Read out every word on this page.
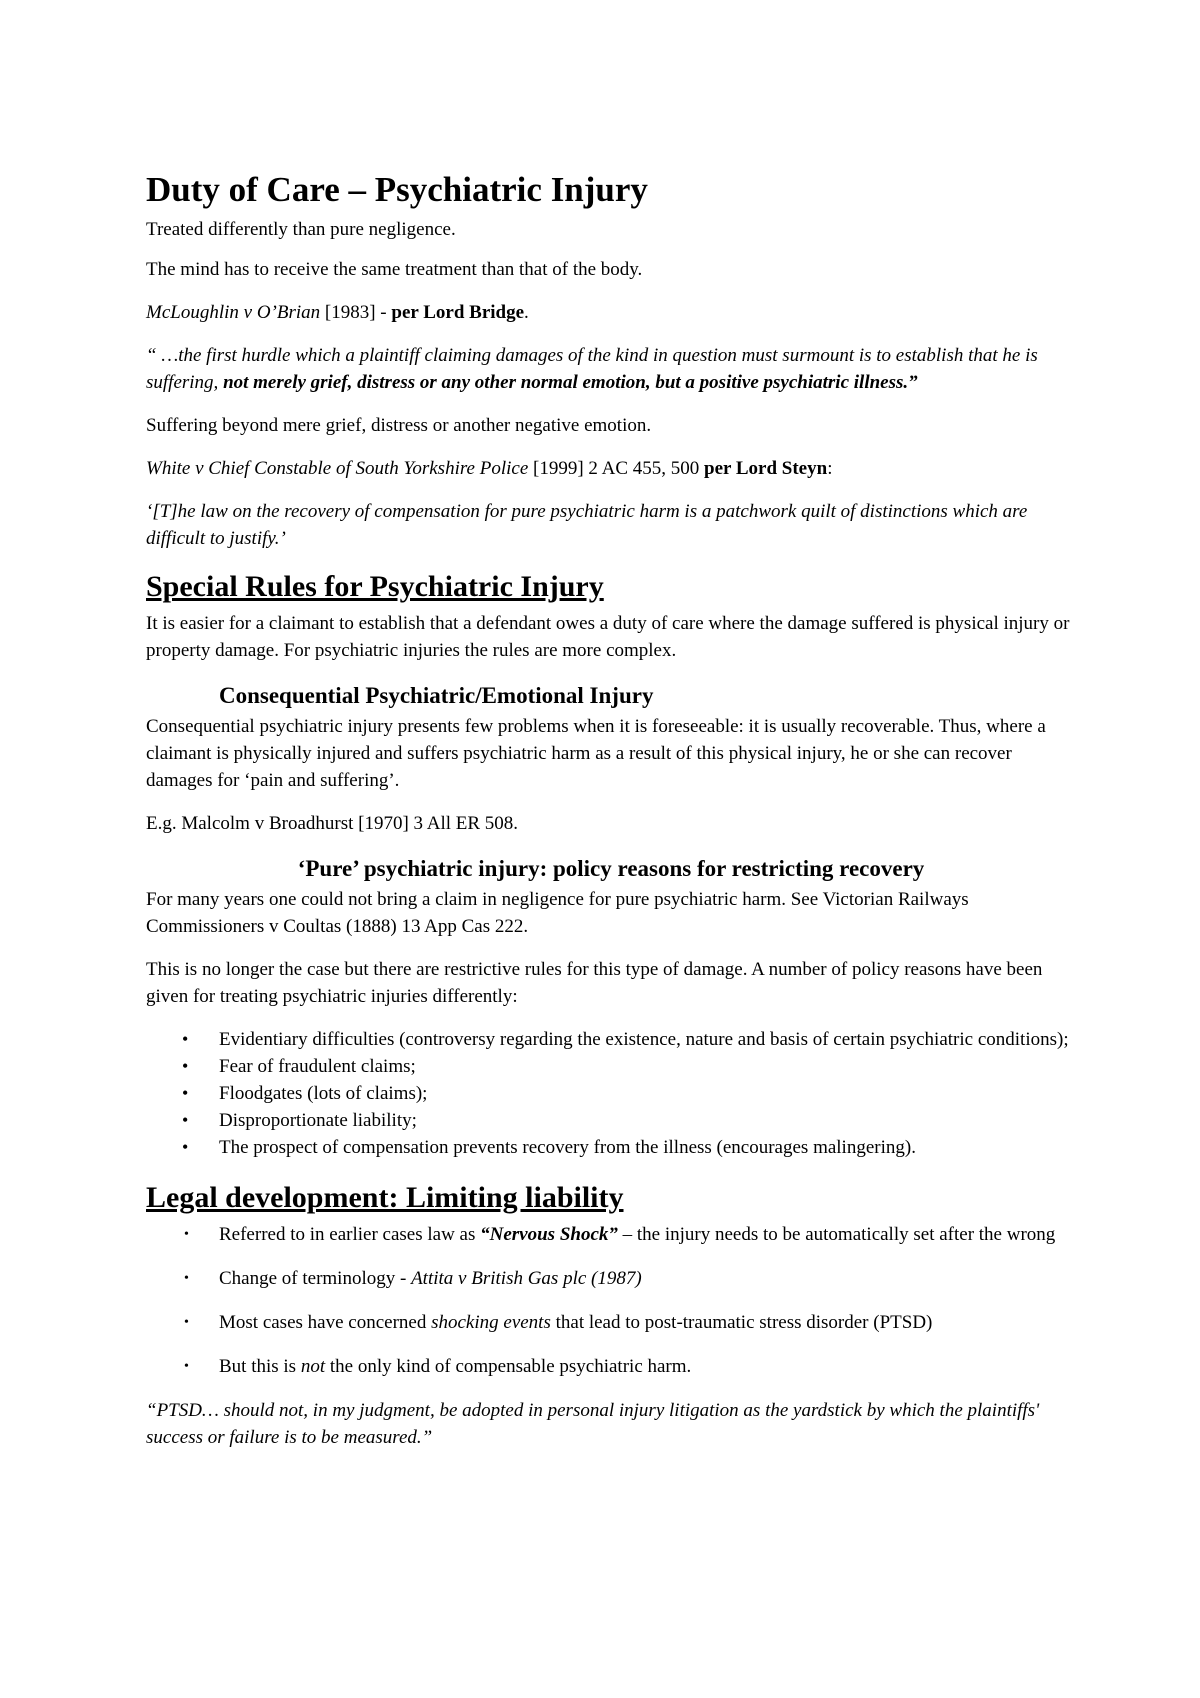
Duty of Care – Psychiatric Injury

Treated differently than pure negligence.

The mind has to receive the same treatment than that of the body.

McLoughlin v O’Brian [1983] - per Lord Bridge.

“ …the first hurdle which a plaintiff claiming damages of the kind in question must surmount is to establish that he is suffering, not merely grief, distress or any other normal emotion, but a positive psychiatric illness.”

Suffering beyond mere grief, distress or another negative emotion.

White v Chief Constable of South Yorkshire Police [1999] 2 AC 455, 500 per Lord Steyn:

‘[T]he law on the recovery of compensation for pure psychiatric harm is a patchwork quilt of distinctions which are difficult to justify.’

Special Rules for Psychiatric Injury

It is easier for a claimant to establish that a defendant owes a duty of care where the damage suffered is physical injury or property damage. For psychiatric injuries the rules are more complex.

Consequential Psychiatric/Emotional Injury

Consequential psychiatric injury presents few problems when it is foreseeable: it is usually recoverable. Thus, where a claimant is physically injured and suffers psychiatric harm as a result of this physical injury, he or she can recover damages for ‘pain and suffering’.

E.g. Malcolm v Broadhurst [1970] 3 All ER 508.

‘Pure’ psychiatric injury: policy reasons for restricting recovery

For many years one could not bring a claim in negligence for pure psychiatric harm. See Victorian Railways Commissioners v Coultas (1888) 13 App Cas 222.

This is no longer the case but there are restrictive rules for this type of damage. A number of policy reasons have been given for treating psychiatric injuries differently:

• Evidentiary difficulties (controversy regarding the existence, nature and basis of certain psychiatric conditions);
• Fear of fraudulent claims;
• Floodgates (lots of claims);
• Disproportionate liability;
• The prospect of compensation prevents recovery from the illness (encourages malingering).
Legal development: Limiting liability
• Referred to in earlier cases law as “Nervous Shock” – the injury needs to be automatically set after the wrong
• Change of terminology - Attita v British Gas plc (1987)
• Most cases have concerned shocking events that lead to post-traumatic stress disorder (PTSD)
• But this is not the only kind of compensable psychiatric harm.

“PTSD… should not, in my judgment, be adopted in personal injury litigation as the yardstick by which the plaintiffs' success or failure is to be measured.”
